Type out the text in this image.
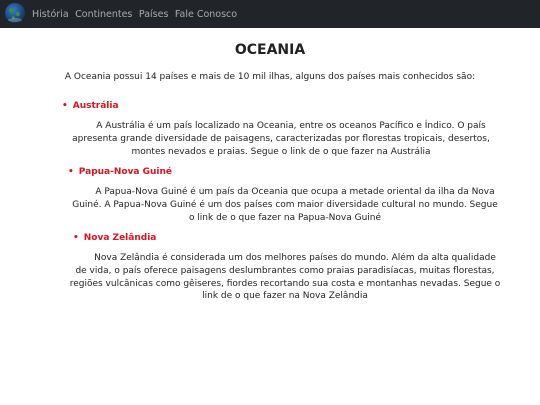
História Continentes Países Fale Conosco
OCEANIA

A Oceania possui 14 países e mais de 10 mil ilhas, alguns dos países mais conhecidos são:

• Austrália

A Austrália é um país localizado na Oceania, entre os oceanos Pacífico e Índico. O país apresenta grande diversidade de paisagens, caracterizadas por florestas tropicais, desertos, montes nevados e praias. Segue o link de o que fazer na Austrália

• Papua-Nova Guiné

A Papua-Nova Guiné é um país da Oceania que ocupa a metade oriental da ilha da Nova Guiné. A Papua-Nova Guiné é um dos países com maior diversidade cultural no mundo. Segue o link de o que fazer na Papua-Nova Guiné

• Nova Zelândia

Nova Zelândia é considerada um dos melhores países do mundo. Além da alta qualidade de vida, o país oferece paisagens deslumbrantes como praias paradisíacas, muitas florestas, regiões vulcânicas como gêiseres, fiordes recortando sua costa e montanhas nevadas. Segue o link de o que fazer na Nova Zelândia
